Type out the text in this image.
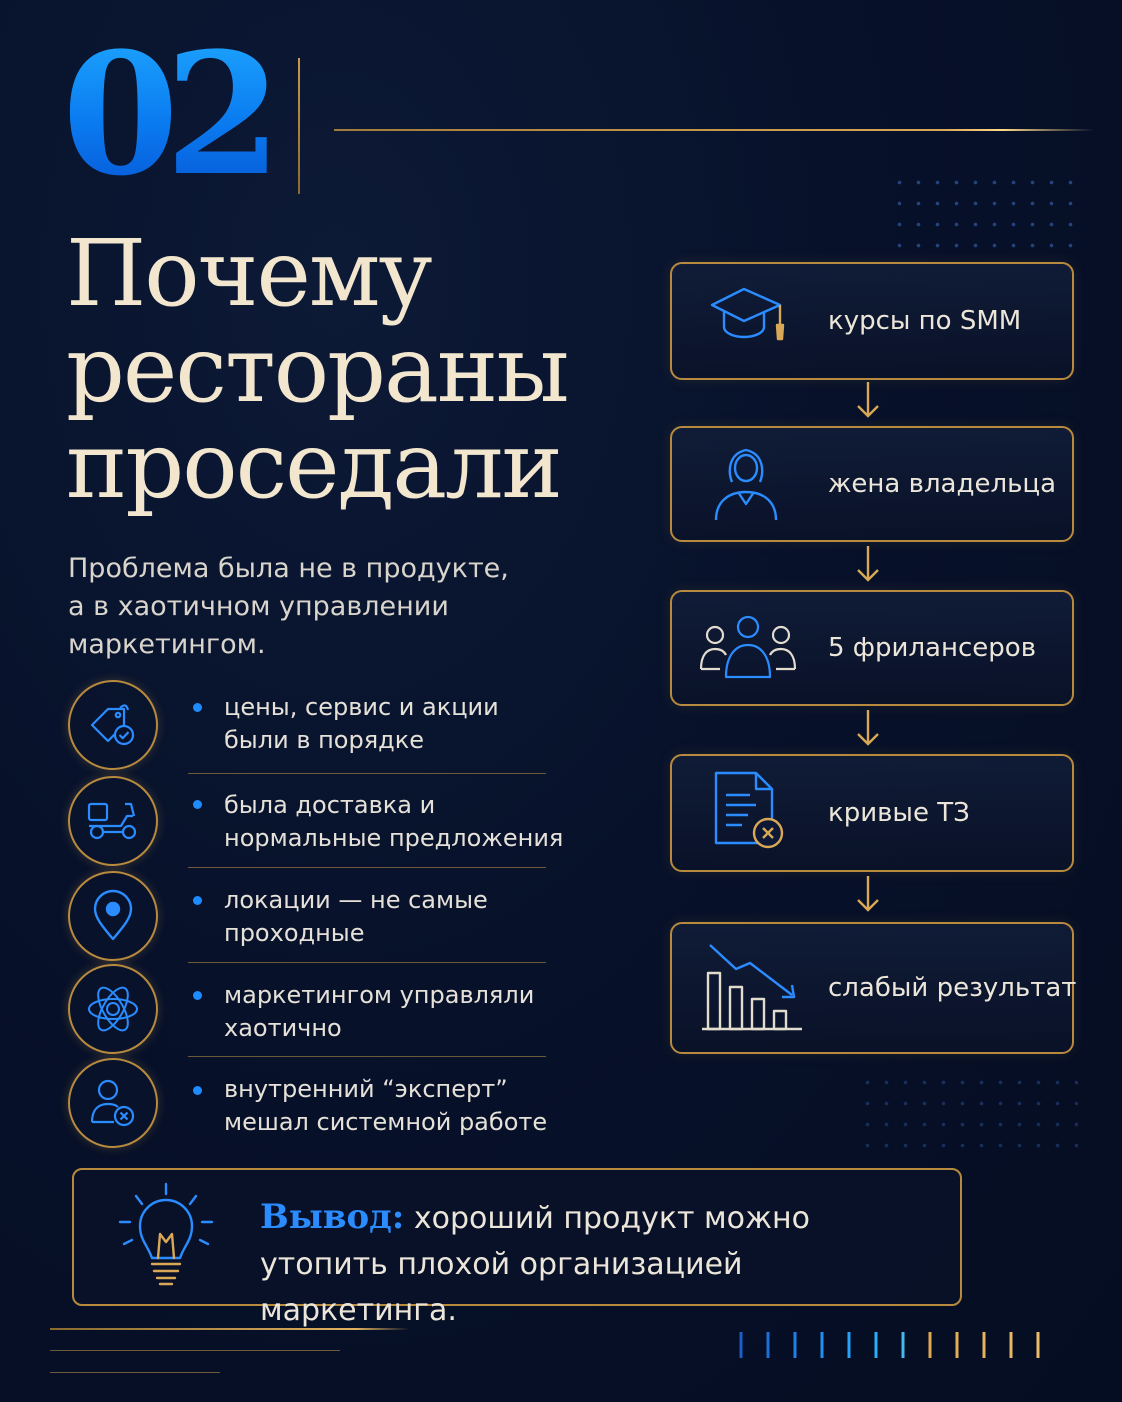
02
Почему
рестораны
проседали
Проблема была не в продукте,
а в хаотичном управлении
маркетингом.
цены, сервис и акции
были в порядке
была доставка и
нормальные предложения
локации — не самые
проходные
маркетингом управляли
хаотично
внутренний “эксперт”
мешал системной работе
курсы по SMM
жена владельца
5 фрилансеров
кривые ТЗ
слабый результат
Вывод: хороший продукт можно
утопить плохой организацией маркетинга.
